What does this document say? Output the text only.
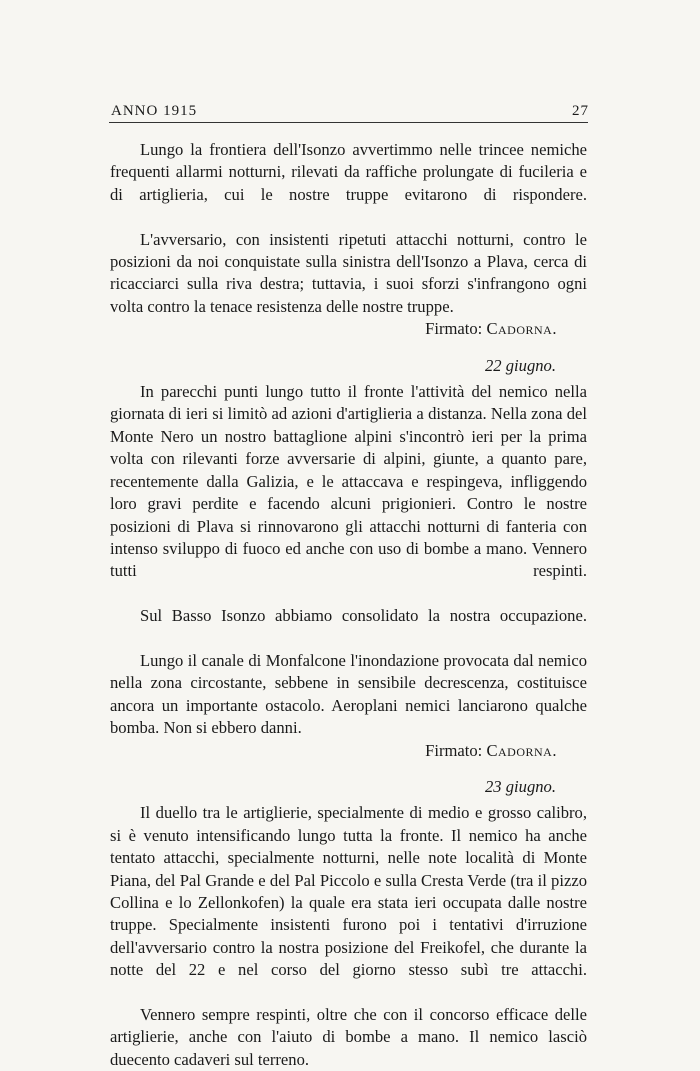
ANNO 1915	27

Lungo la frontiera dell'Isonzo avvertimmo nelle trincee nemiche frequenti allarmi notturni, rilevati da raffiche prolungate di fucileria e di artiglieria, cui le nostre truppe evitarono di rispondere.

L'avversario, con insistenti ripetuti attacchi notturni, contro le posizioni da noi conquistate sulla sinistra dell'Isonzo a Plava, cerca di ricacciarci sulla riva destra; tuttavia, i suoi sforzi s'infrangono ogni volta contro la tenace resistenza delle nostre truppe.

Firmato: Cadorna.

22 giugno.

In parecchi punti lungo tutto il fronte l'attività del nemico nella giornata di ieri si limitò ad azioni d'artiglieria a distanza. Nella zona del Monte Nero un nostro battaglione alpini s'incontrò ieri per la prima volta con rilevanti forze avversarie di alpini, giunte, a quanto pare, recentemente dalla Galizia, e le attaccava e respingeva, infliggendo loro gravi perdite e facendo alcuni prigionieri. Contro le nostre posizioni di Plava si rinnovarono gli attacchi notturni di fanteria con intenso sviluppo di fuoco ed anche con uso di bombe a mano. Vennero tutti respinti.

Sul Basso Isonzo abbiamo consolidato la nostra occupazione.

Lungo il canale di Monfalcone l'inondazione provocata dal nemico nella zona circostante, sebbene in sensibile decrescenza, costituisce ancora un importante ostacolo. Aeroplani nemici lanciarono qualche bomba. Non si ebbero danni.

Firmato: Cadorna.

23 giugno.

Il duello tra le artiglierie, specialmente di medio e grosso calibro, si è venuto intensificando lungo tutta la fronte. Il nemico ha anche tentato attacchi, specialmente notturni, nelle note località di Monte Piana, del Pal Grande e del Pal Piccolo e sulla Cresta Verde (tra il pizzo Collina e lo Zellonkofen) la quale era stata ieri occupata dalle nostre truppe. Specialmente insistenti furono poi i tentativi d'irruzione dell'avversario contro la nostra posizione del Freikofel, che durante la notte del 22 e nel corso del giorno stesso subì tre attacchi.

Vennero sempre respinti, oltre che con il concorso efficace delle artiglierie, anche con l'aiuto di bombe a mano. Il nemico lasciò duecento cadaveri sul terreno.
